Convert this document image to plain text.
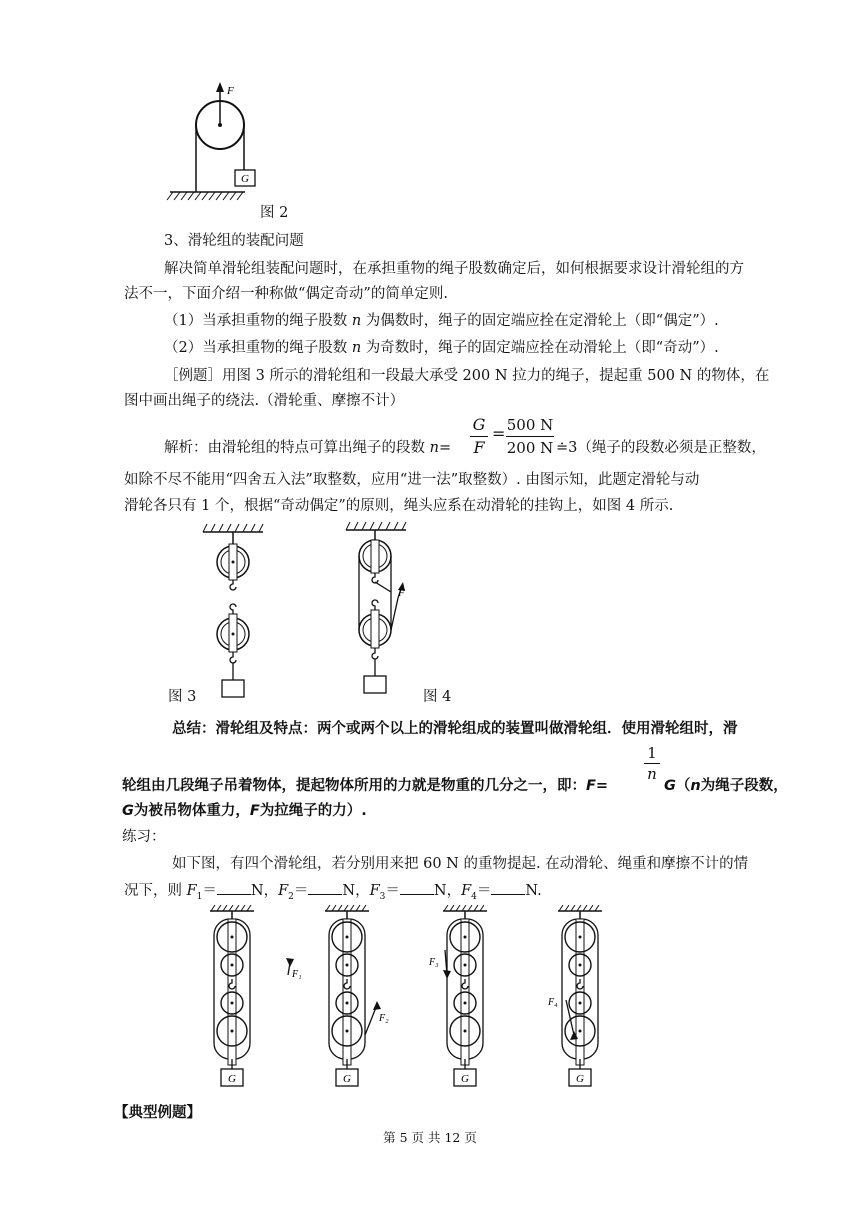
G
F
图 2
3、滑轮组的装配问题
解决简单滑轮组装配问题时，在承担重物的绳子股数确定后，如何根据要求设计滑轮组的方
法不一，下面介绍一种称做“偶定奇动”的简单定则.
（1）当承担重物的绳子股数 n 为偶数时，绳子的固定端应拴在定滑轮上（即“偶定”）.
（2）当承担重物的绳子股数 n 为奇数时，绳子的固定端应拴在动滑轮上（即“奇动”）.
［例题］用图 3 所示的滑轮组和一段最大承受 200 N 拉力的绳子，提起重 500 N 的物体，在
图中画出绳子的绕法.（滑轮重、摩擦不计）
解析：由滑轮组的特点可算出绳子的段数 n=
G
F
= 500 N
200 N ≐3（绳子的段数必须是正整数，
如除不尽不能用“四舍五入法”取整数，应用“进一法”取整数）. 由图示知，此题定滑轮与动
滑轮各只有 1 个，根据“奇动偶定”的原则，绳头应系在动滑轮的挂钩上，如图 4 所示.
图 3
F
图 4
总结：滑轮组及特点：两个或两个以上的滑轮组成的装置叫做滑轮组．使用滑轮组时，滑
1
n
轮组由几段绳子吊着物体，提起物体所用的力就是物重的几分之一，即：F=	G（n为绳子段数，
G为被吊物体重力，F为拉绳子的力）.
练习：
如下图，有四个滑轮组，若分别用来把 60 N 的重物提起. 在动滑轮、绳重和摩擦不计的情
况下，则 $F_1= N$，$F_2= N$，$F_3= N$，$F_4= N$.
G
F₁
G
F₂
G
F₃
G
F₄
【典型例题】
第 5 页 共 12 页
